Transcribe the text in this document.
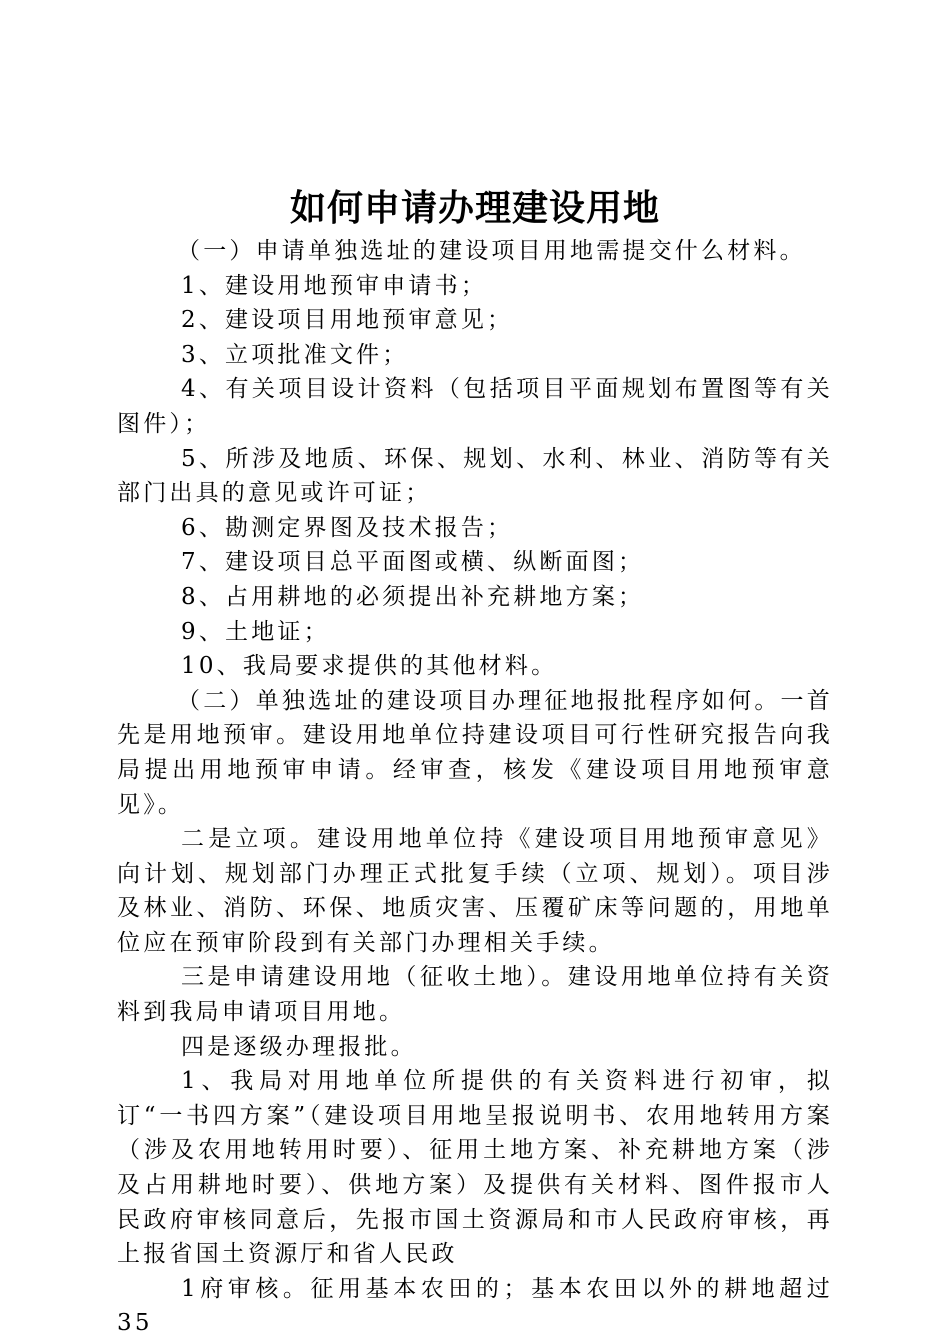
如何申请办理建设用地

（一）申请单独选址的建设项目用地需提交什么材料。

1、建设用地预审申请书；

2、建设项目用地预审意见；

3、立项批准文件；

4、有关项目设计资料（包括项目平面规划布置图等有关图件）；

5、所涉及地质、环保、规划、水利、林业、消防等有关部门出具的意见或许可证；

6、勘测定界图及技术报告；

7、建设项目总平面图或横、纵断面图；

8、占用耕地的必须提出补充耕地方案；

9、土地证；

10、我局要求提供的其他材料。

（二）单独选址的建设项目办理征地报批程序如何。一首先是用地预审。建设用地单位持建设项目可行性研究报告向我局提出用地预审申请。经审查，核发《建设项目用地预审意见》。

二是立项。建设用地单位持《建设项目用地预审意见》向计划、规划部门办理正式批复手续（立项、规划）。项目涉及林业、消防、环保、地质灾害、压覆矿床等问题的，用地单位应在预审阶段到有关部门办理相关手续。

三是申请建设用地（征收土地）。建设用地单位持有关资料到我局申请项目用地。

四是逐级办理报批。

1、我局对用地单位所提供的有关资料进行初审，拟订“一书四方案”（建设项目用地呈报说明书、农用地转用方案（涉及农用地转用时要）、征用土地方案、补充耕地方案（涉及占用耕地时要）、供地方案）及提供有关材料、图件报市人民政府审核同意后，先报市国土资源局和市人民政府审核，再上报省国土资源厅和省人民政

1府审核。征用基本农田的；基本农田以外的耕地超过35
